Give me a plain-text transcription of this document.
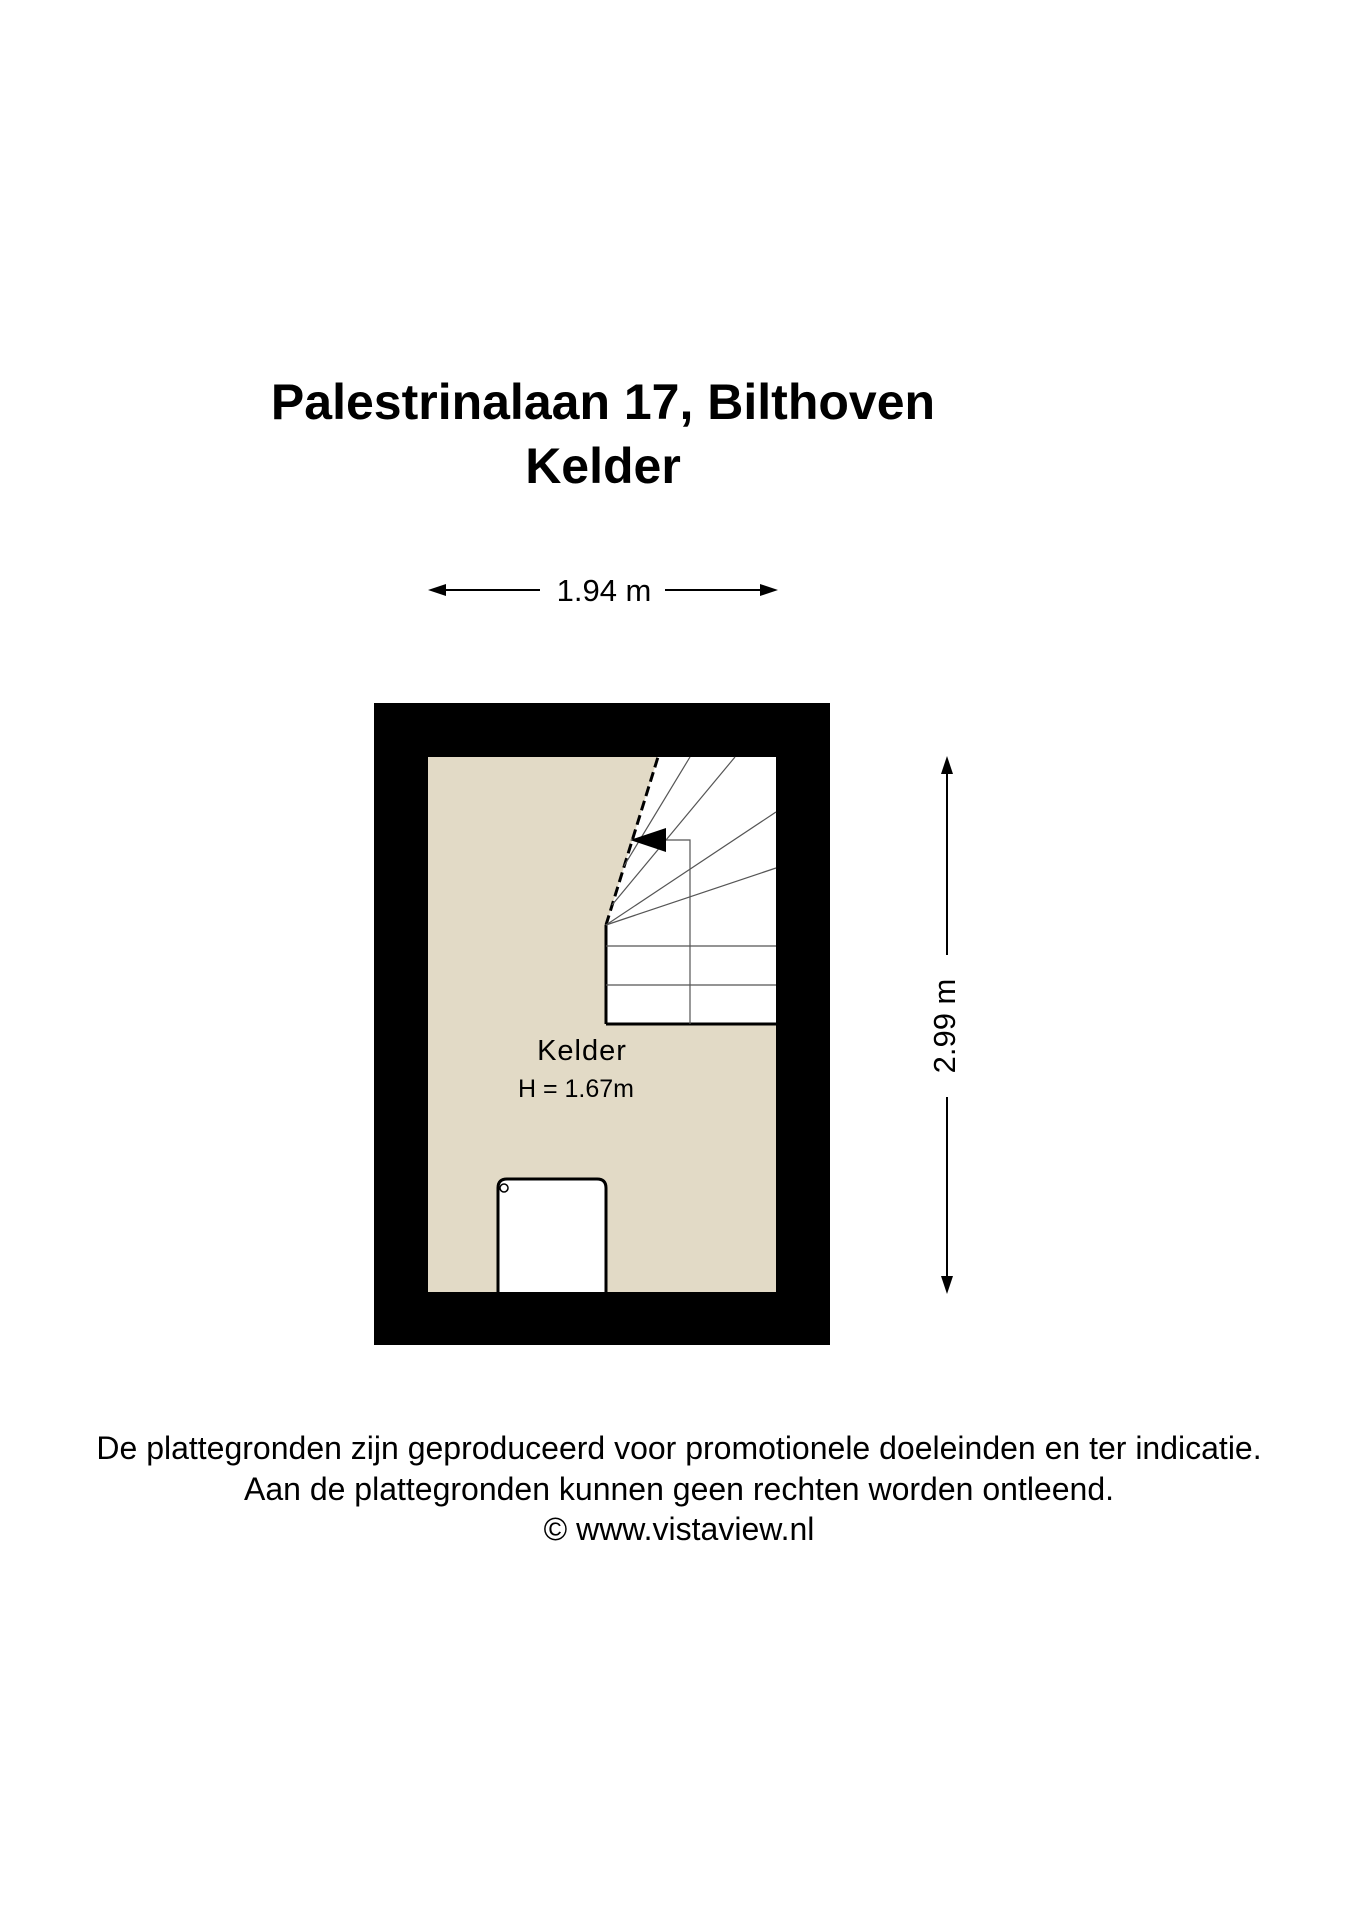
Palestrinalaan 17, Bilthoven
Kelder
1.94 m
2.99 m
Kelder
H = 1.67m
De plattegronden zijn geproduceerd voor promotionele doeleinden en ter indicatie.
Aan de plattegronden kunnen geen rechten worden ontleend.
© www.vistaview.nl
